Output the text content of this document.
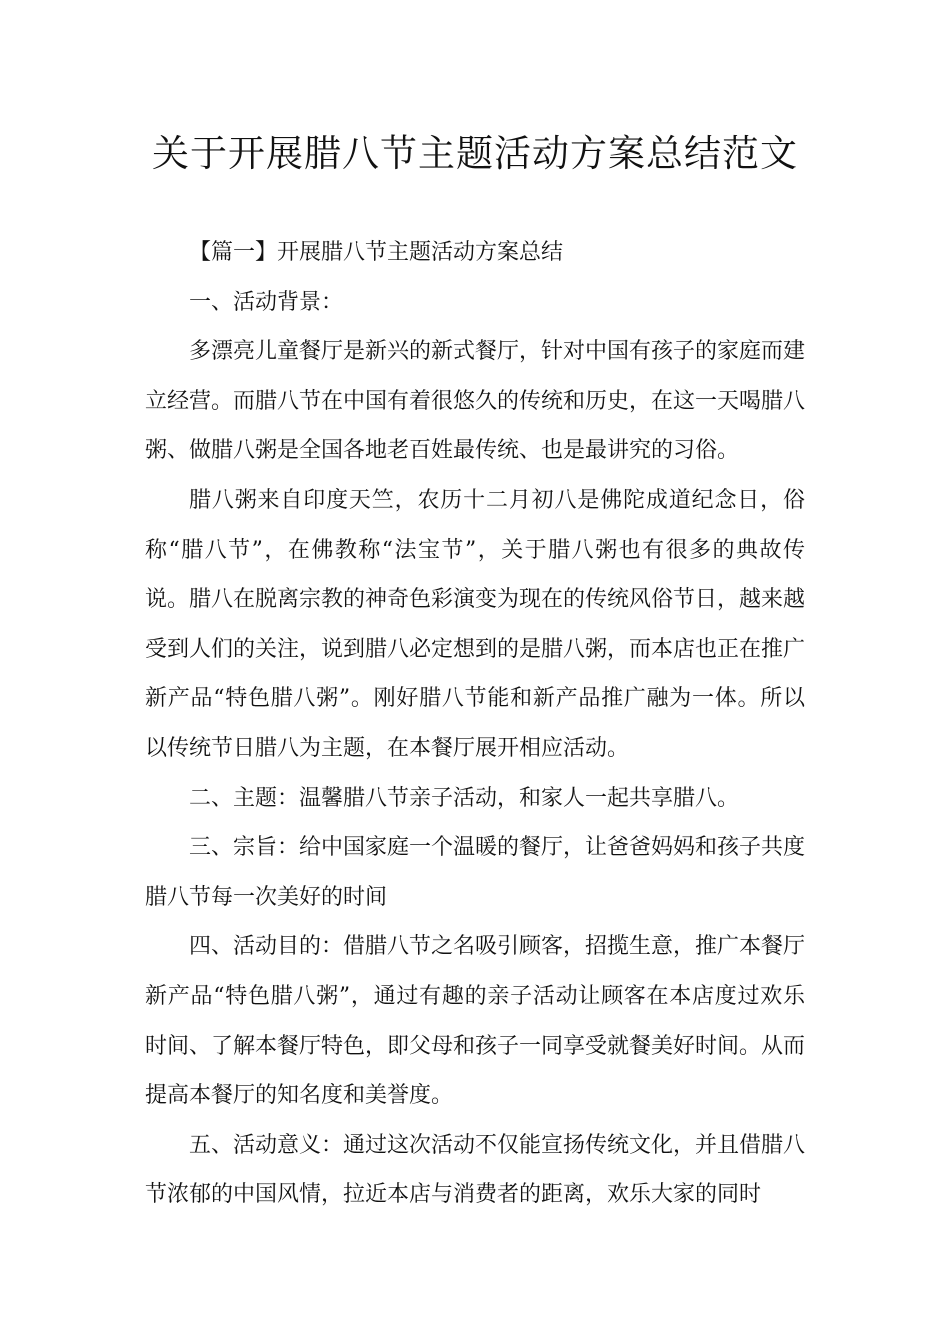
关于开展腊八节主题活动方案总结范文

【篇一】开展腊八节主题活动方案总结

一、活动背景：

多漂亮儿童餐厅是新兴的新式餐厅，针对中国有孩子的家庭而建立经营。而腊八节在中国有着很悠久的传统和历史，在这一天喝腊八粥、做腊八粥是全国各地老百姓最传统、也是最讲究的习俗。

腊八粥来自印度天竺，农历十二月初八是佛陀成道纪念日，俗称“腊八节”，在佛教称“法宝节”，关于腊八粥也有很多的典故传说。腊八在脱离宗教的神奇色彩演变为现在的传统风俗节日，越来越受到人们的关注，说到腊八必定想到的是腊八粥，而本店也正在推广新产品“特色腊八粥”。刚好腊八节能和新产品推广融为一体。所以以传统节日腊八为主题，在本餐厅展开相应活动。

二、主题：温馨腊八节亲子活动，和家人一起共享腊八。

三、宗旨：给中国家庭一个温暖的餐厅，让爸爸妈妈和孩子共度腊八节每一次美好的时间

四、活动目的：借腊八节之名吸引顾客，招揽生意，推广本餐厅新产品“特色腊八粥”，通过有趣的亲子活动让顾客在本店度过欢乐时间、了解本餐厅特色，即父母和孩子一同享受就餐美好时间。从而提高本餐厅的知名度和美誉度。

五、活动意义：通过这次活动不仅能宣扬传统文化，并且借腊八节浓郁的中国风情，拉近本店与消费者的距离，欢乐大家的同时
